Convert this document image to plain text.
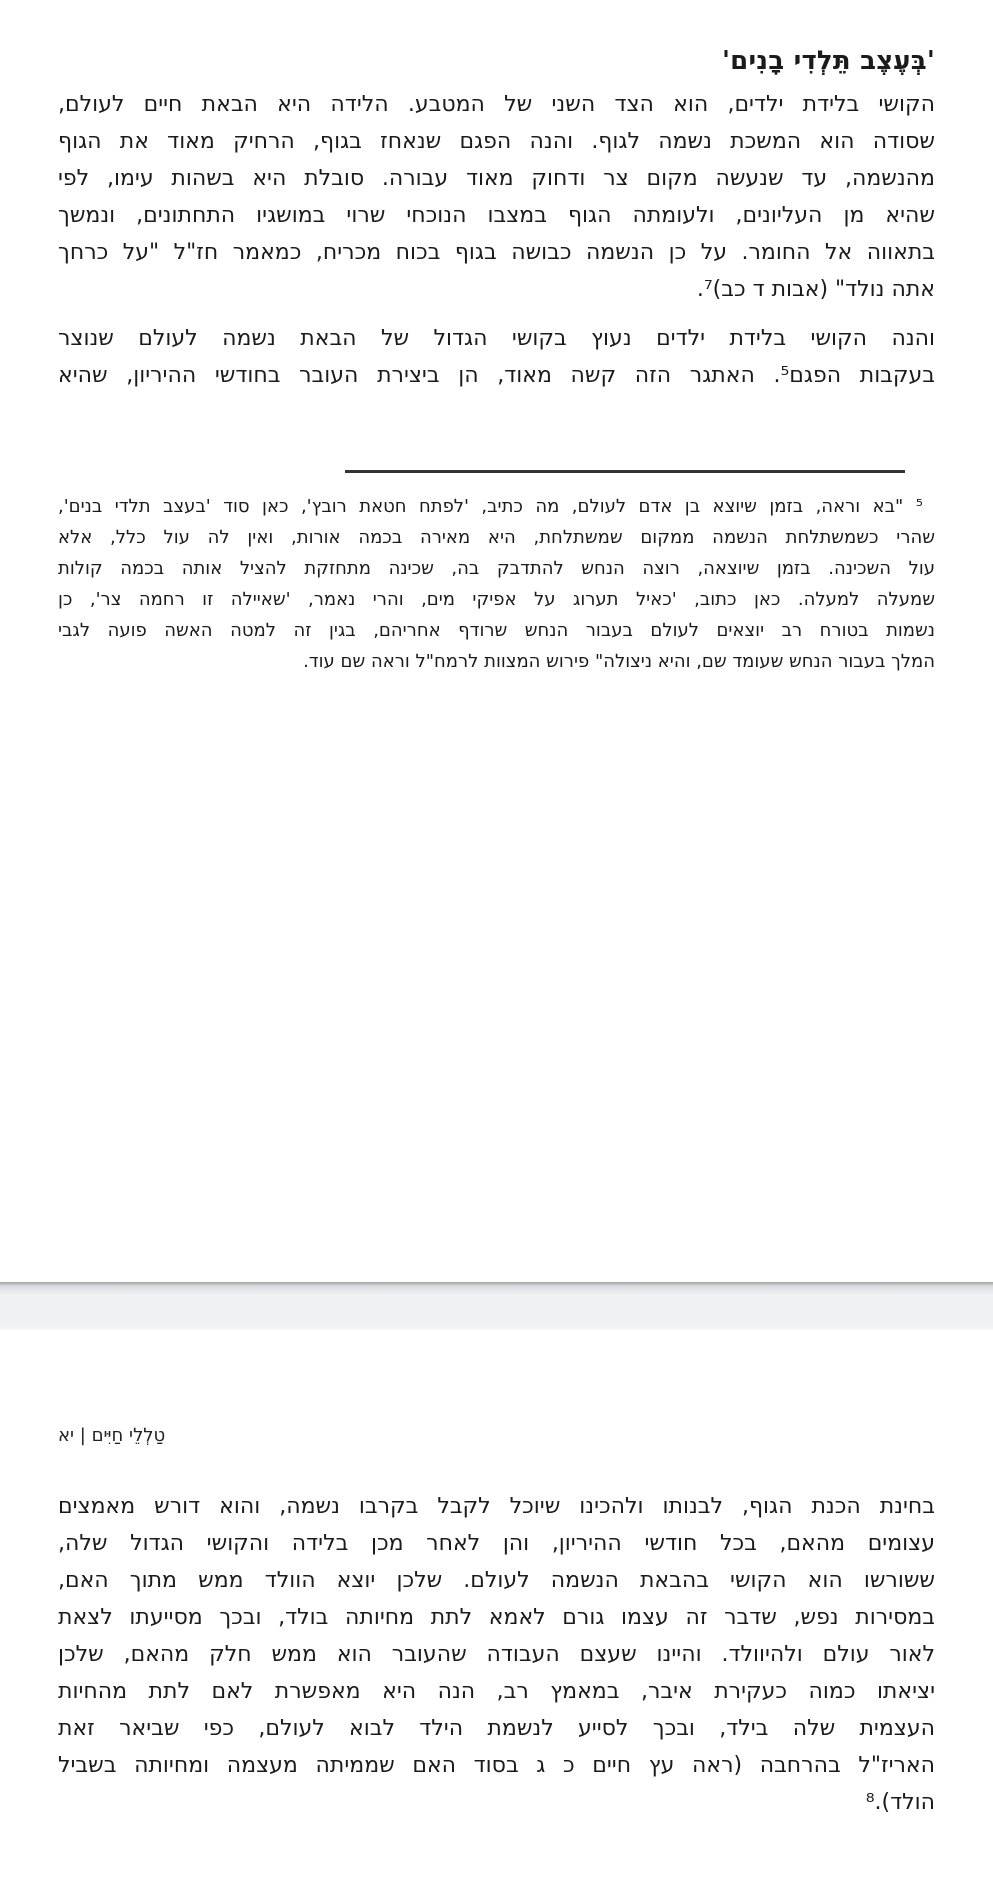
'בְּעֶצֶב תֵּלְדִי בָנִים'
הקושי בלידת ילדים, הוא הצד השני של המטבע. הלידה היא הבאת חיים לעולם,
שסודה הוא המשכת נשמה לגוף. והנה הפגם שנאחז בגוף, הרחיק מאוד את הגוף
מהנשמה, עד שנעשה מקום צר ודחוק מאוד עבורה. סובלת היא בשהות עימו, לפי
שהיא מן העליונים, ולעומתה הגוף במצבו הנוכחי שרוי במושגיו התחתונים, ונמשך
בתאווה אל החומר. על כן הנשמה כבושה בגוף בכוח מכריח, כמאמר חז"ל "על כרחך
אתה נולד" (אבות ד כב)⁷.
והנה הקושי בלידת ילדים נעוץ בקושי הגדול של הבאת נשמה לעולם שנוצר
בעקבות הפגם⁵. האתגר הזה קשה מאוד, הן ביצירת העובר בחודשי ההיריון, שהיא
⁵ "בא וראה, בזמן שיוצא בן אדם לעולם, מה כתיב, 'לפתח חטאת רובץ', כאן סוד 'בעצב תלדי בנים',
שהרי כשמשתלחת הנשמה ממקום שמשתלחת, היא מאירה בכמה אורות, ואין לה עול כלל, אלא
עול השכינה. בזמן שיוצאה, רוצה הנחש להתדבק בה, שכינה מתחזקת להציל אותה בכמה קולות
שמעלה למעלה. כאן כתוב, 'כאיל תערוג על אפיקי מים, והרי נאמר, 'שאיילה זו רחמה צר', כן
נשמות בטורח רב יוצאים לעולם בעבור הנחש שרודף אחריהם, בגין זה למטה האשה פועה לגבי
המלך בעבור הנחש שעומד שם, והיא ניצולה" פירוש המצוות לרמח"ל וראה שם עוד.
טַלְלֵי חַיִּים | יא
בחינת הכנת הגוף, לבנותו ולהכינו שיוכל לקבל בקרבו נשמה, והוא דורש מאמצים
עצומים מהאם, בכל חודשי ההיריון, והן לאחר מכן בלידה והקושי הגדול שלה,
ששורשו הוא הקושי בהבאת הנשמה לעולם. שלכן יוצא הוולד ממש מתוך האם,
במסירות נפש, שדבר זה עצמו גורם לאמא לתת מחיותה בולד, ובכך מסייעתו לצאת
לאור עולם ולהיוולד. והיינו שעצם העבודה שהעובר הוא ממש חלק מהאם, שלכן
יציאתו כמוה כעקירת איבר, במאמץ רב, הנה היא מאפשרת לאם לתת מהחיות
העצמית שלה בילד, ובכך לסייע לנשמת הילד לבוא לעולם, כפי שביאר זאת
האריז"ל בהרחבה (ראה עץ חיים כ ג בסוד האם שממיתה מעצמה ומחיותה בשביל
הולד).⁸
